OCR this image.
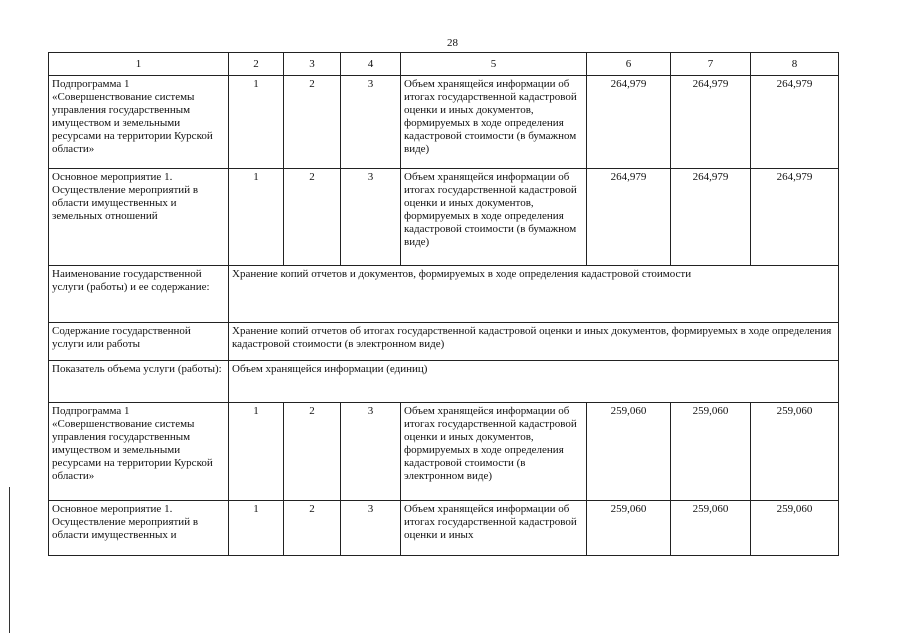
28
1	2	3	4	5	6	7	8
Подпрограмма 1 «Совершенствование системы управления государственным имуществом и земельными ресурсами на территории Курской области»	1	2	3	Объем хранящейся информации об итогах государственной кадастровой оценки и иных документов, формируемых в ходе определения кадастровой стоимости (в бумажном виде)	264,979	264,979	264,979
Основное мероприятие 1. Осуществление мероприятий в области имущественных и земельных отношений	1	2	3	Объем хранящейся информации об итогах государственной кадастровой оценки и иных документов, формируемых в ходе определения кадастровой стоимости (в бумажном виде)	264,979	264,979	264,979
Наименование государственной услуги (работы) и ее содержание:	Хранение копий отчетов и документов, формируемых в ходе определения кадастровой стоимости						
Содержание государственной услуги или работы	Хранение копий отчетов об итогах государственной кадастровой оценки и иных документов, формируемых в ходе определения кадастровой стоимости (в электронном виде)						
Показатель объема услуги (работы):	Объем хранящейся информации (единиц)						
Подпрограмма 1 «Совершенствование системы управления государственным имуществом и земельными ресурсами на территории Курской области»	1	2	3	Объем хранящейся информации об итогах государственной кадастровой оценки и иных документов, формируемых в ходе определения кадастровой стоимости (в электронном виде)	259,060	259,060	259,060
Основное мероприятие 1. Осуществление мероприятий в области имущественных и	1	2	3	Объем хранящейся информации об итогах государственной кадастровой оценки и иных	259,060	259,060	259,060
